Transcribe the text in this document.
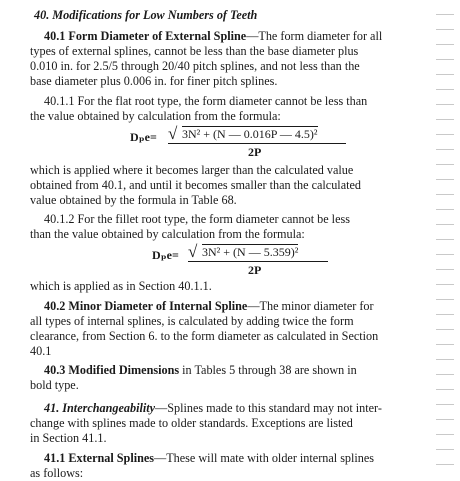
40. Modifications for Low Numbers of Teeth
40.1 Form Diameter of External Spline—The form diameter for all
types of external splines, cannot be less than the base diameter plus
0.010 in. for 2.5/5 through 20/40 pitch splines, and not less than the
base diameter plus 0.006 in. for finer pitch splines.
40.1.1 For the flat root type, the form diameter cannot be less than
the value obtained by calculation from the formula:
Dₚe= √ 3N² + (N — 0.016P — 4.5)²
2P
which is applied where it becomes larger than the calculated value
obtained from 40.1, and until it becomes smaller than the calculated
value obtained by the formula in Table 68.
40.1.2 For the fillet root type, the form diameter cannot be less
than the value obtained by calculation from the formula:
Dₚe= √ 3N² + (N — 5.359)²
2P
which is applied as in Section 40.1.1.
40.2 Minor Diameter of Internal Spline—The minor diameter for
all types of internal splines, is calculated by adding twice the form
clearance, from Section 6. to the form diameter as calculated in Section
40.1
40.3 Modified Dimensions in Tables 5 through 38 are shown in
bold type.
41. Interchangeability—Splines made to this standard may not inter-
change with splines made to older standards. Exceptions are listed
in Section 41.1.
41.1 External Splines—These will mate with older internal splines
as follows:
